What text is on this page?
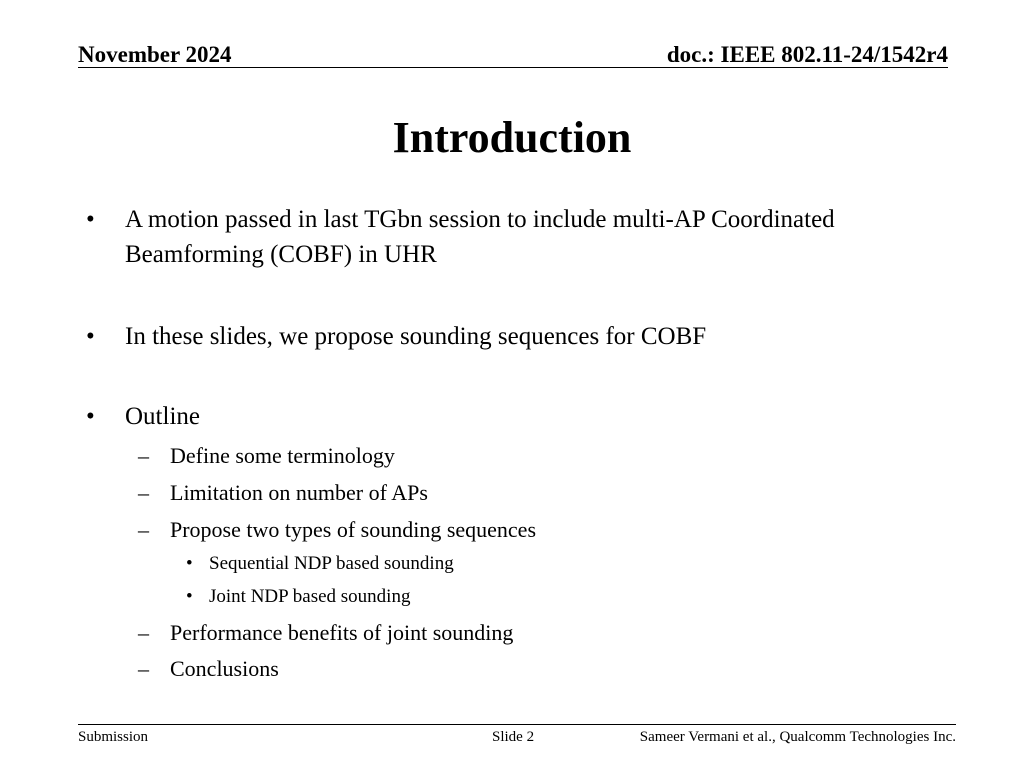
November 2024	doc.: IEEE 802.11-24/1542r4
Introduction
• A motion passed in last TGbn session to include multi-AP Coordinated
Beamforming (COBF) in UHR
• In these slides, we propose sounding sequences for COBF
• Outline
– Define some terminology
– Limitation on number of APs
– Propose two types of sounding sequences
• Sequential NDP based sounding
• Joint NDP based sounding
– Performance benefits of joint sounding
– Conclusions
Submission	Slide 2	Sameer Vermani et al., Qualcomm Technologies Inc.
